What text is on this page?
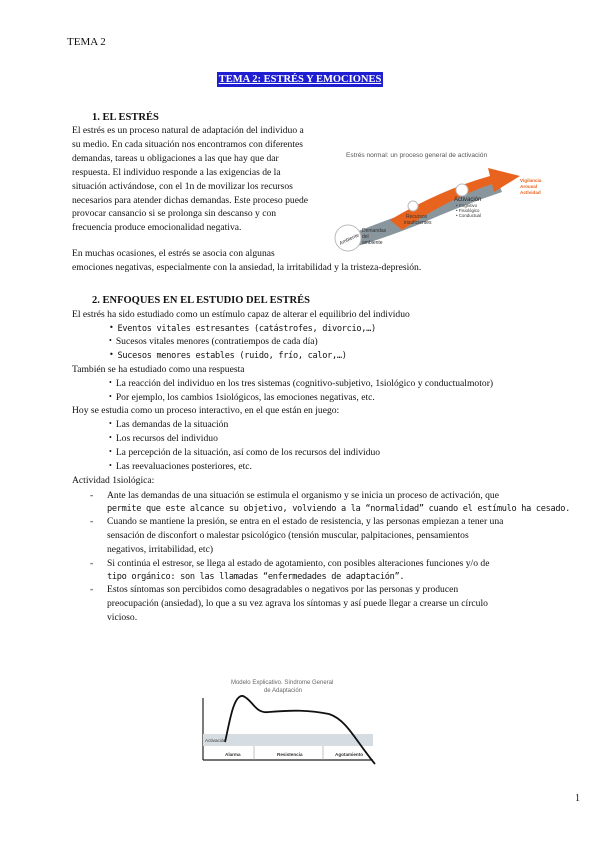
TEMA 2
TEMA 2: ESTRÉS Y EMOCIONES
1. EL ESTRÉS
El estrés es un proceso natural de adaptación del individuo a
su medio. En cada situación nos encontramos con diferentes
demandas, tareas u obligaciones a las que hay que dar
respuesta. El individuo responde a las exigencias de la
situación activándose, con el 1n de movilizar los recursos
necesarios para atender dichas demandas. Este proceso puede
provocar cansancio si se prolonga sin descanso y con
frecuencia produce emocionalidad negativa.
En muchas ocasiones, el estrés se asocia con algunas
emociones negativas, especialmente con la ansiedad, la irritabilidad y la tristeza-depresión.
Estrés normal: un proceso general de activación
Ambiente
Demandas del ambiente
Recursos insuficientes
Activación
• Cognitivo • Fisiológico • Conductual
Vigilancia Arousal Actividad
2. ENFOQUES EN EL ESTUDIO DEL ESTRÉS
El estrés ha sido estudiado como un estímulo capaz de alterar el equilibrio del individuo
• Eventos vitales estresantes (catástrofes, divorcio,…)
• Sucesos vitales menores (contratiempos de cada día)
• Sucesos menores estables (ruido, frío, calor,…)
También se ha estudiado como una respuesta
• La reacción del individuo en los tres sistemas (cognitivo-subjetivo, 1siológico y conductualmotor)
• Por ejemplo, los cambios 1siológicos, las emociones negativas, etc.
Hoy se estudia como un proceso interactivo, en el que están en juego:
• Las demandas de la situación
• Los recursos del individuo
• La percepción de la situación, así como de los recursos del individuo
• Las reevaluaciones posteriores, etc.
Actividad 1siológica:
- Ante las demandas de una situación se estimula el organismo y se inicia un proceso de activación, que
permite que este alcance su objetivo, volviendo a la “normalidad” cuando el estímulo ha cesado.
- Cuando se mantiene la presión, se entra en el estado de resistencia, y las personas empiezan a tener una
sensación de disconfort o malestar psicológico (tensión muscular, palpitaciones, pensamientos
negativos, irritabilidad, etc)
- Si continúa el estresor, se llega al estado de agotamiento, con posibles alteraciones funciones y/o de
tipo orgánico: son las llamadas “enfermedades de adaptación”.
- Estos síntomas son percibidos como desagradables o negativos por las personas y producen
preocupación (ansiedad), lo que a su vez agrava los síntomas y así puede llegar a crearse un círculo
vicioso.
Modelo Explicativo. Síndrome General de Adaptación
Activación
Alarma	Resistencia	Agotamiento
1
